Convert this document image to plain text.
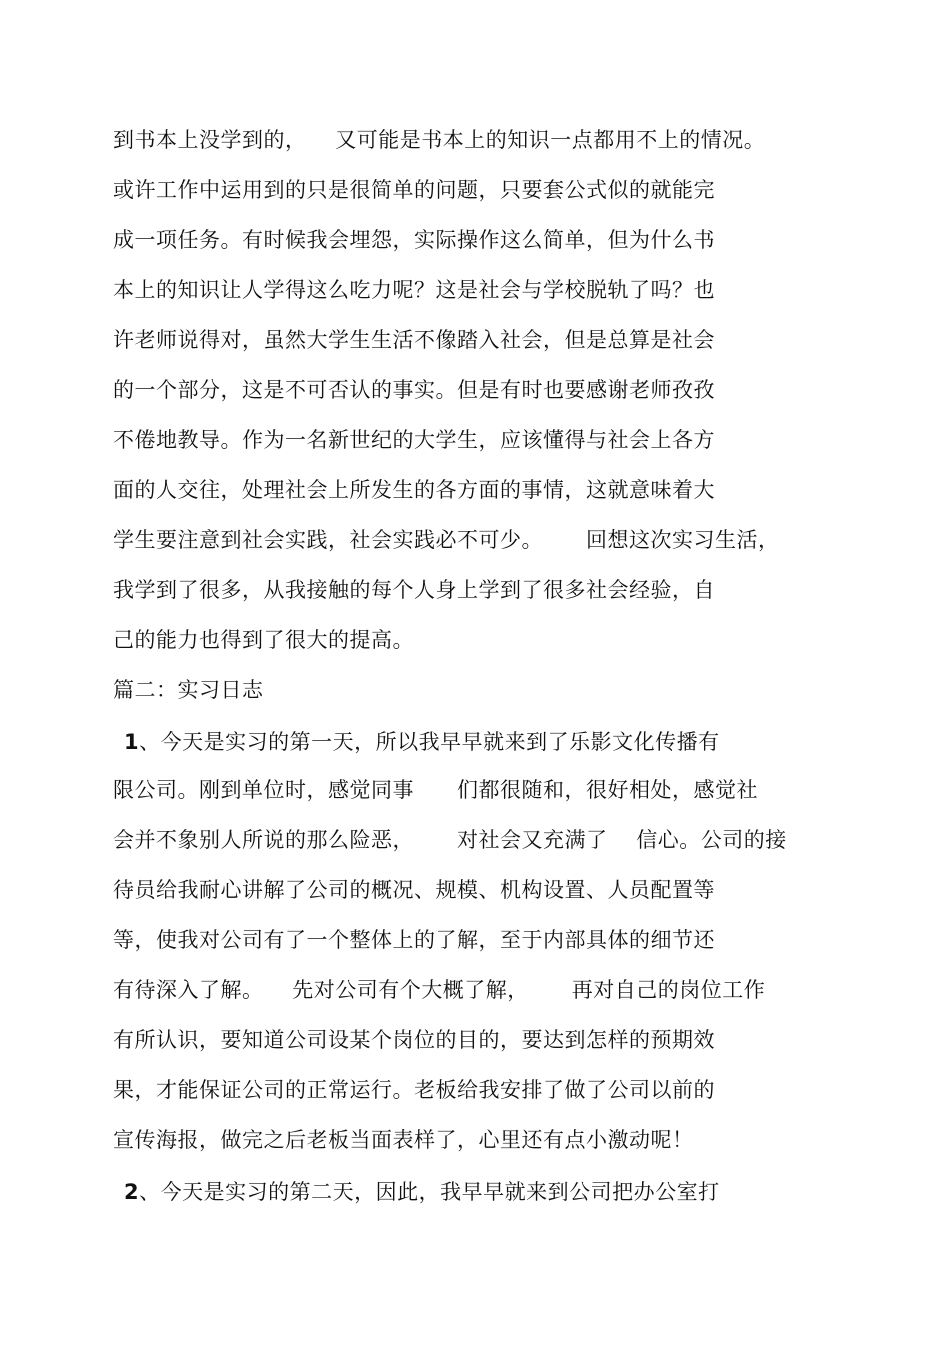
到书本上没学到的，    又可能是书本上的知识一点都用不上的情况。
或许工作中运用到的只是很简单的问题，只要套公式似的就能完
成一项任务。有时候我会埋怨，实际操作这么简单，但为什么书
本上的知识让人学得这么吃力呢？这是社会与学校脱轨了吗？也
许老师说得对，虽然大学生生活不像踏入社会，但是总算是社会
的一个部分，这是不可否认的事实。但是有时也要感谢老师孜孜
不倦地教导。作为一名新世纪的大学生，应该懂得与社会上各方
面的人交往，处理社会上所发生的各方面的事情，这就意味着大
学生要注意到社会实践，社会实践必不可少。      回想这次实习生活，
我学到了很多，从我接触的每个人身上学到了很多社会经验，自
己的能力也得到了很大的提高。
篇二：实习日志
1、今天是实习的第一天，所以我早早就来到了乐影文化传播有
限公司。刚到单位时，感觉同事      们都很随和，很好相处，感觉社
会并不象别人所说的那么险恶，      对社会又充满了    信心。公司的接
待员给我耐心讲解了公司的概况、规模、机构设置、人员配置等
等，使我对公司有了一个整体上的了解，至于内部具体的细节还
有待深入了解。    先对公司有个大概了解，      再对自己的岗位工作
有所认识，要知道公司设某个岗位的目的，要达到怎样的预期效
果，才能保证公司的正常运行。老板给我安排了做了公司以前的
宣传海报，做完之后老板当面表样了，心里还有点小激动呢！
2、今天是实习的第二天，因此，我早早就来到公司把办公室打
